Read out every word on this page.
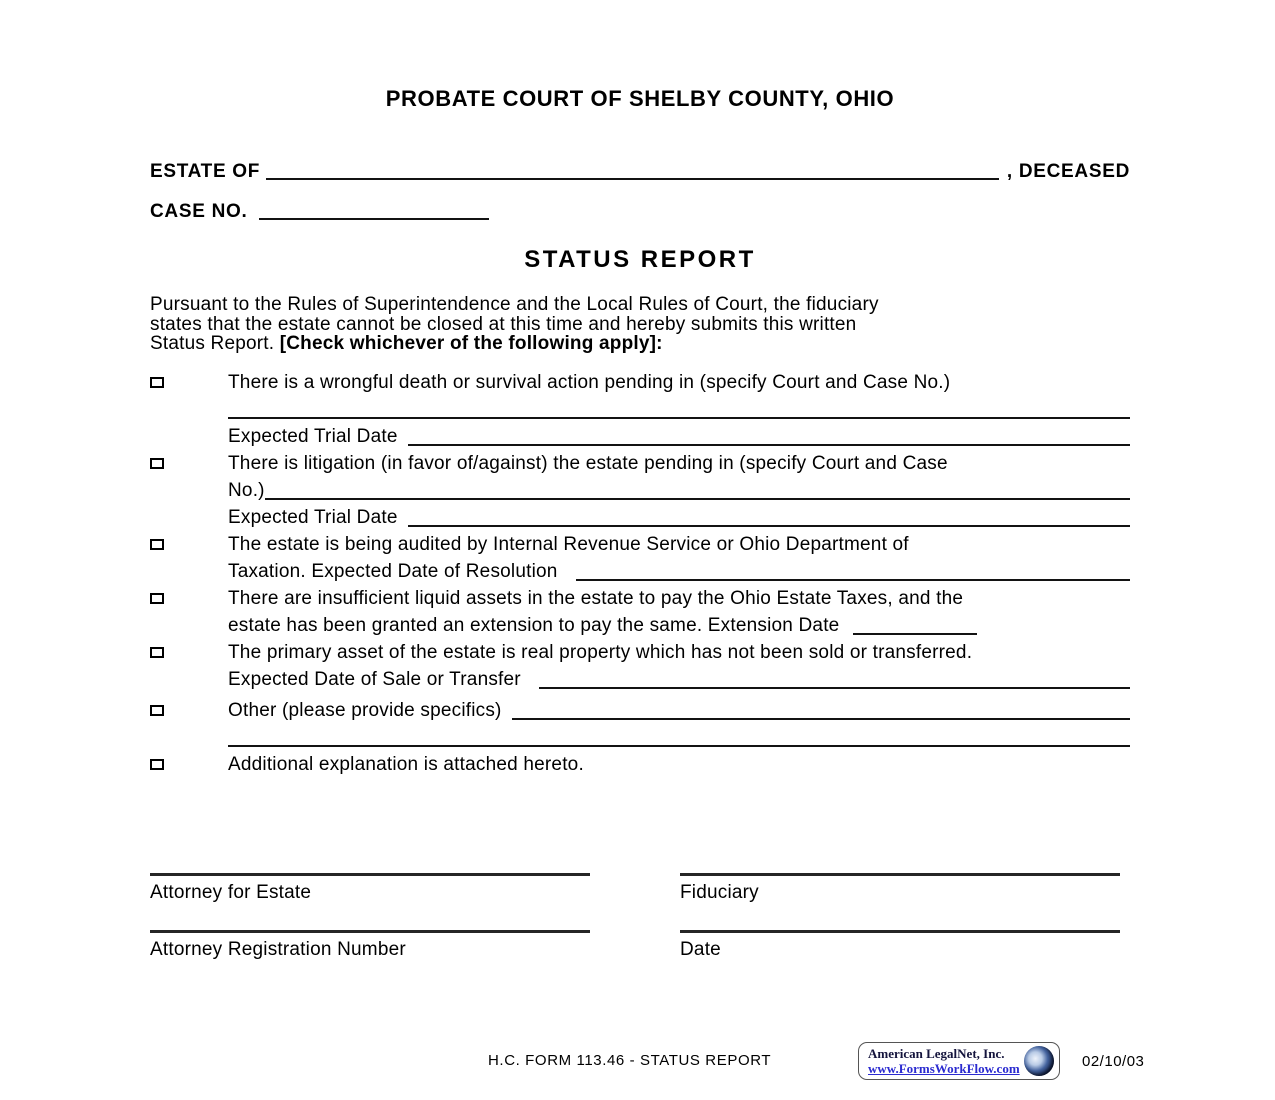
PROBATE COURT OF SHELBY COUNTY, OHIO
ESTATE OF	, DECEASED
CASE NO.
STATUS REPORT
Pursuant to the Rules of Superintendence and the Local Rules of Court, the fiduciary
states that the estate cannot be closed at this time and hereby submits this written
Status Report. [Check whichever of the following apply]:
There is a wrongful death or survival action pending in (specify Court and Case No.)
Expected Trial Date
There is litigation (in favor of/against) the estate pending in (specify Court and Case
No.)
Expected Trial Date
The estate is being audited by Internal Revenue Service or Ohio Department of
Taxation. Expected Date of Resolution
There are insufficient liquid assets in the estate to pay the Ohio Estate Taxes, and the
estate has been granted an extension to pay the same. Extension Date
The primary asset of the estate is real property which has not been sold or transferred.
Expected Date of Sale or Transfer
Other (please provide specifics)
Additional explanation is attached hereto.
Attorney for Estate	Fiduciary
Attorney Registration Number	Date
H.C. FORM 113.46 - STATUS REPORT	American LegalNet, Inc.
www.FormsWorkFlow.com	02/10/03
